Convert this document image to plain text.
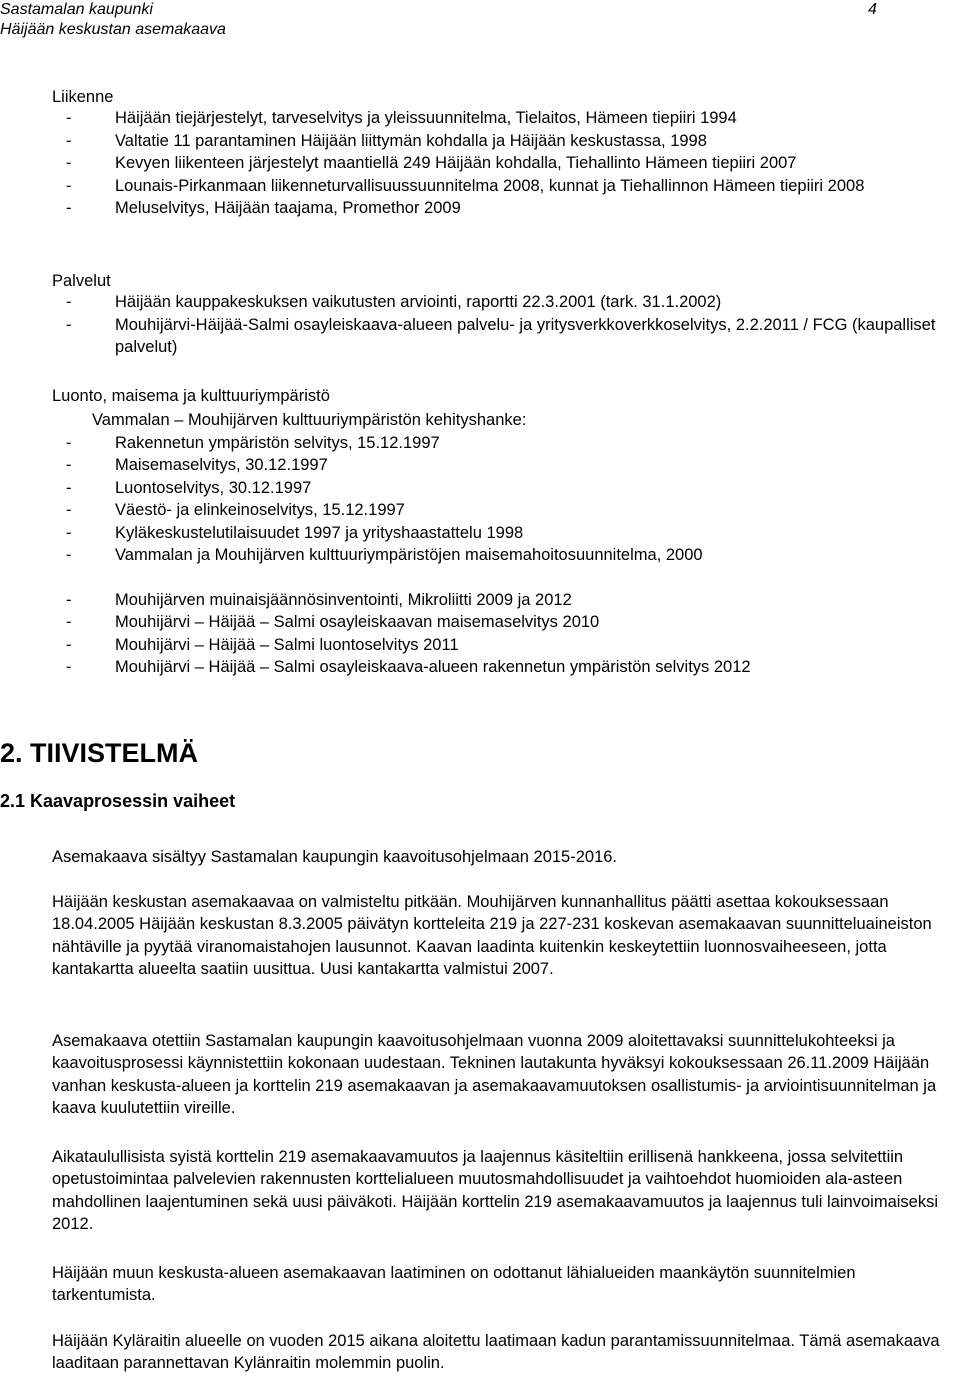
Sastamalan kaupunki
Häijään keskustan asemakaava
4
Liikenne
-	Häijään tiejärjestelyt, tarveselvitys ja yleissuunnitelma, Tielaitos, Hämeen tiepiiri 1994
-	Valtatie 11 parantaminen Häijään liittymän kohdalla ja Häijään keskustassa, 1998
-	Kevyen liikenteen järjestelyt maantiellä 249 Häijään kohdalla, Tiehallinto Hämeen tiepiiri 2007
-	Lounais-Pirkanmaan liikenneturvallisuussuunnitelma 2008, kunnat ja Tiehallinnon Hämeen tiepiiri 2008
-	Meluselvitys, Häijään taajama, Promethor 2009
Palvelut
-	Häijään kauppakeskuksen vaikutusten arviointi, raportti 22.3.2001 (tark. 31.1.2002)
-	Mouhijärvi-Häijää-Salmi osayleiskaava-alueen palvelu- ja yritysverkkoverkkoselvitys, 2.2.2011 / FCG (kaupalliset palvelut)
Luonto, maisema ja kulttuuriympäristö
Vammalan – Mouhijärven kulttuuriympäristön kehityshanke:
-	Rakennetun ympäristön selvitys, 15.12.1997
-	Maisemaselvitys, 30.12.1997
-	Luontoselvitys, 30.12.1997
-	Väestö- ja elinkeinoselvitys, 15.12.1997
-	Kyläkeskustelutilaisuudet 1997 ja yrityshaastattelu 1998
-	Vammalan ja Mouhijärven kulttuuriympäristöjen maisemahoitosuunnitelma, 2000
-	Mouhijärven muinaisjäännösinventointi, Mikroliitti 2009 ja 2012
-	Mouhijärvi – Häijää – Salmi osayleiskaavan maisemaselvitys 2010
-	Mouhijärvi – Häijää – Salmi luontoselvitys 2011
-	Mouhijärvi – Häijää – Salmi osayleiskaava-alueen rakennetun ympäristön selvitys 2012
2. TIIVISTELMÄ
2.1 Kaavaprosessin vaiheet

Asemakaava sisältyy Sastamalan kaupungin kaavoitusohjelmaan 2015-2016.

Häijään keskustan asemakaavaa on valmisteltu pitkään. Mouhijärven kunnanhallitus päätti asettaa kokouksessaan 18.04.2005 Häijään keskustan 8.3.2005 päivätyn kortteleita 219 ja 227-231 koskevan asemakaavan suunnitteluaineiston nähtäville ja pyytää viranomaistahojen lausunnot. Kaavan laadinta kuitenkin keskeytettiin luonnosvaiheeseen, jotta kantakartta alueelta saatiin uusittua. Uusi kantakartta valmistui 2007.

Asemakaava otettiin Sastamalan kaupungin kaavoitusohjelmaan vuonna 2009 aloitettavaksi suunnittelukohteeksi ja kaavoitusprosessi käynnistettiin kokonaan uudestaan. Tekninen lautakunta hyväksyi kokouksessaan 26.11.2009 Häijään vanhan keskusta-alueen ja korttelin 219 asemakaavan ja asemakaavamuutoksen osallistumis- ja arviointisuunnitelman ja kaava kuulutettiin vireille.

Aikataulullisista syistä korttelin 219 asemakaavamuutos ja laajennus käsiteltiin erillisenä hankkeena, jossa selvitettiin opetustoimintaa palvelevien rakennusten korttelialueen muutosmahdollisuudet ja vaihtoehdot huomioiden ala-asteen mahdollinen laajentuminen sekä uusi päiväkoti. Häijään korttelin 219 asemakaavamuutos ja laajennus tuli lainvoimaiseksi 2012.

Häijään muun keskusta-alueen asemakaavan laatiminen on odottanut lähialueiden maankäytön suunnitelmien tarkentumista.

Häijään Kyläraitin alueelle on vuoden 2015 aikana aloitettu laatimaan kadun parantamissuunnitelmaa. Tämä asemakaava laaditaan parannettavan Kylänraitin molemmin puolin.
